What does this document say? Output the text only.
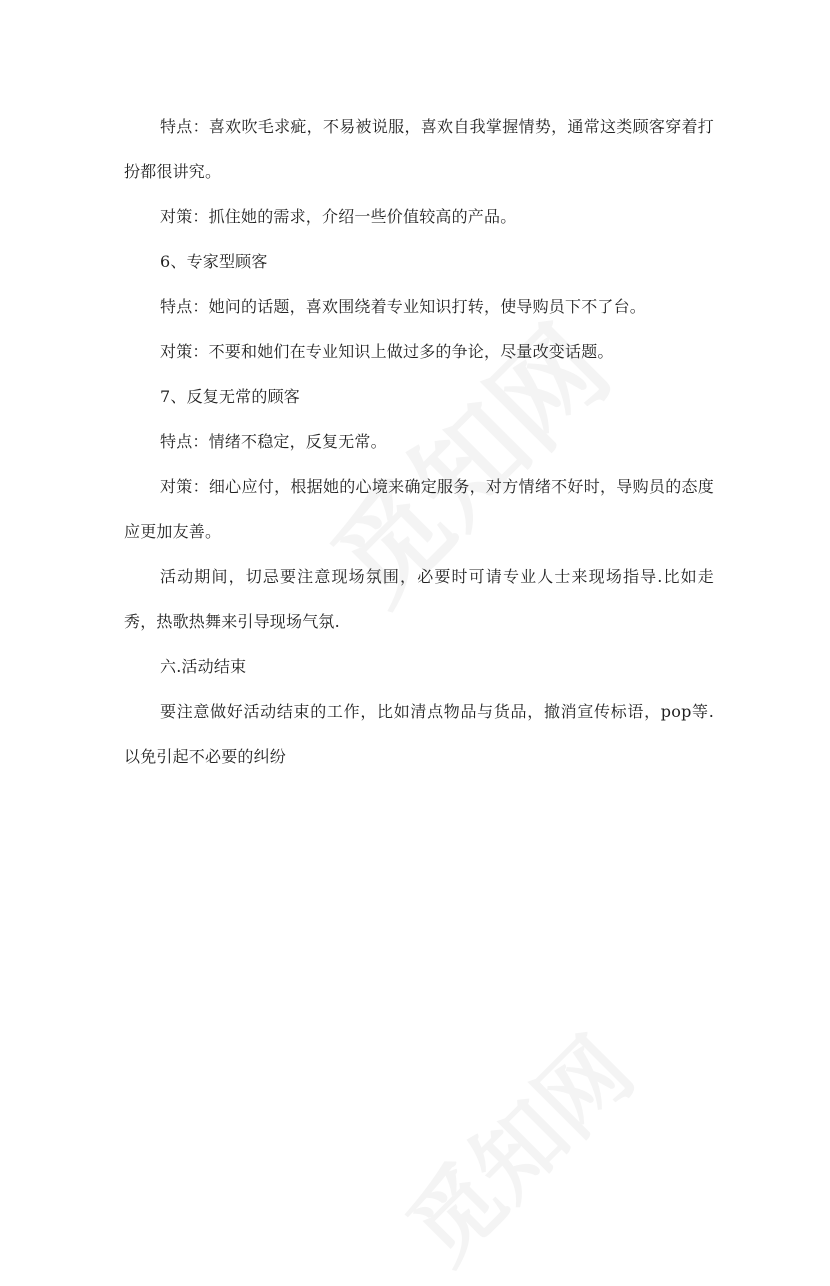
特点：喜欢吹毛求疵，不易被说服，喜欢自我掌握情势，通常这类顾客穿着打扮都很讲究。

对策：抓住她的需求，介绍一些价值较高的产品。

6、专家型顾客

特点：她问的话题，喜欢围绕着专业知识打转，使导购员下不了台。

对策：不要和她们在专业知识上做过多的争论，尽量改变话题。

7、反复无常的顾客

特点：情绪不稳定，反复无常。

对策：细心应付，根据她的心境来确定服务，对方情绪不好时，导购员的态度应更加友善。

活动期间，切忌要注意现场氛围，必要时可请专业人士来现场指导.比如走秀，热歌热舞来引导现场气氛.

六.活动结束

要注意做好活动结束的工作，比如清点物品与货品，撤消宣传标语，pop等.以免引起不必要的纠纷
